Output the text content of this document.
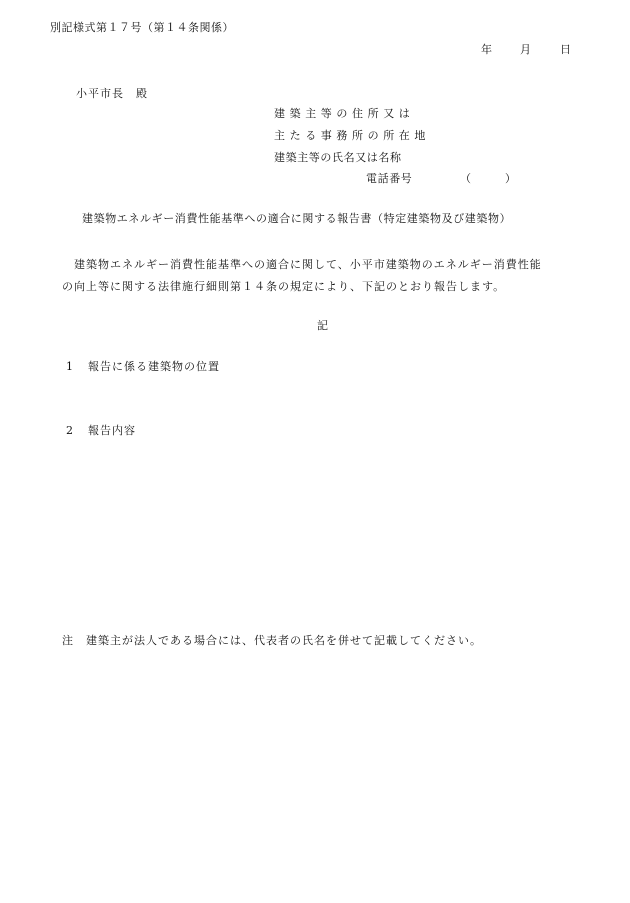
別記様式第１７号（第１４条関係）
年	月	日
小平市長　殿
建築主等の住所又は
主たる事務所の所在地
建築主等の氏名又は名称
電話番号	（	）
建築物エネルギー消費性能基準への適合に関する報告書（特定建築物及び建築物）
建築物エネルギー消費性能基準への適合に関して、小平市建築物のエネルギー消費性能
の向上等に関する法律施行細則第１４条の規定により、下記のとおり報告します。
記
1 報告に係る建築物の位置
2 報告内容
注 建築主が法人である場合には、代表者の氏名を併せて記載してください。
